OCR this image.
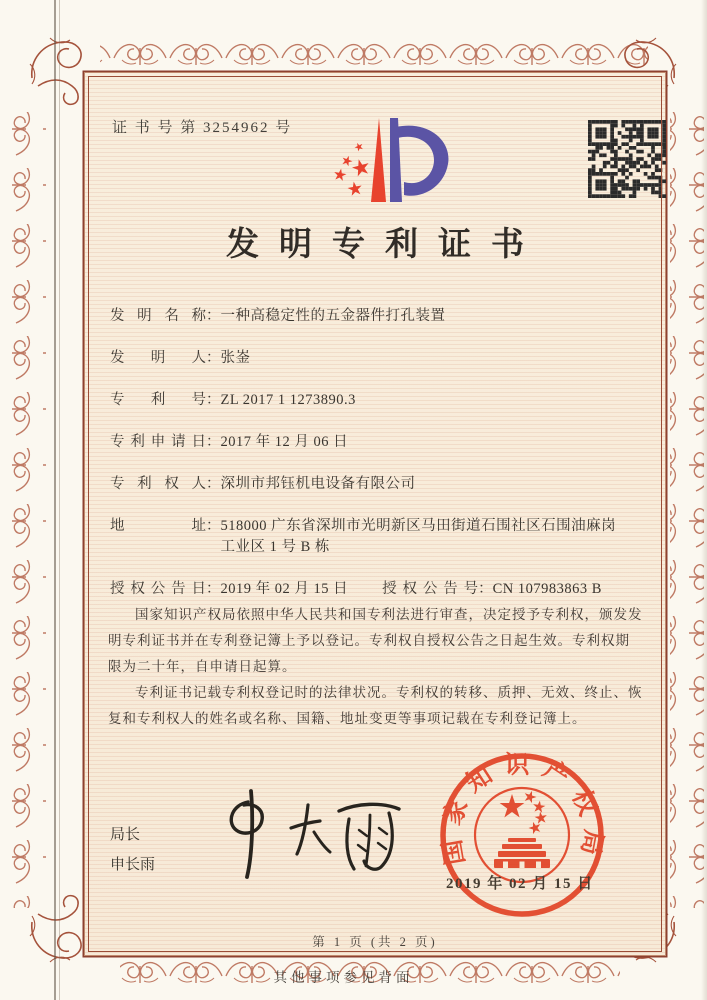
证 书 号 第 3254962 号
发明专利证书
发明名称 ： 一种高稳定性的五金器件打孔装置
发明人 ： 张崟
专利号 ： ZL 2017 1 1273890.3
专利申请日 ： 2017 年 12 月 06 日
专利权人 ： 深圳市邦钰机电设备有限公司
地址 ： 518000 广东省深圳市光明新区马田街道石围社区石围油麻岗工业区 1 号 B 栋
授权公告日 ： 2019 年 02 月 15 日 授权公告号 ： CN 107983863 B

国家知识产权局依照中华人民共和国专利法进行审查，决定授予专利权，颁发发明专利证书并在专利登记簿上予以登记。专利权自授权公告之日起生效。专利权期限为二十年，自申请日起算。

专利证书记载专利权登记时的法律状况。专利权的转移、质押、无效、终止、恢复和专利权人的姓名或名称、国籍、地址变更等事项记载在专利登记簿上。

局长
申长雨	国家知识产权局
2019 年 02 月 15 日
第 1 页 (共 2 页)
其他事项参见背面
